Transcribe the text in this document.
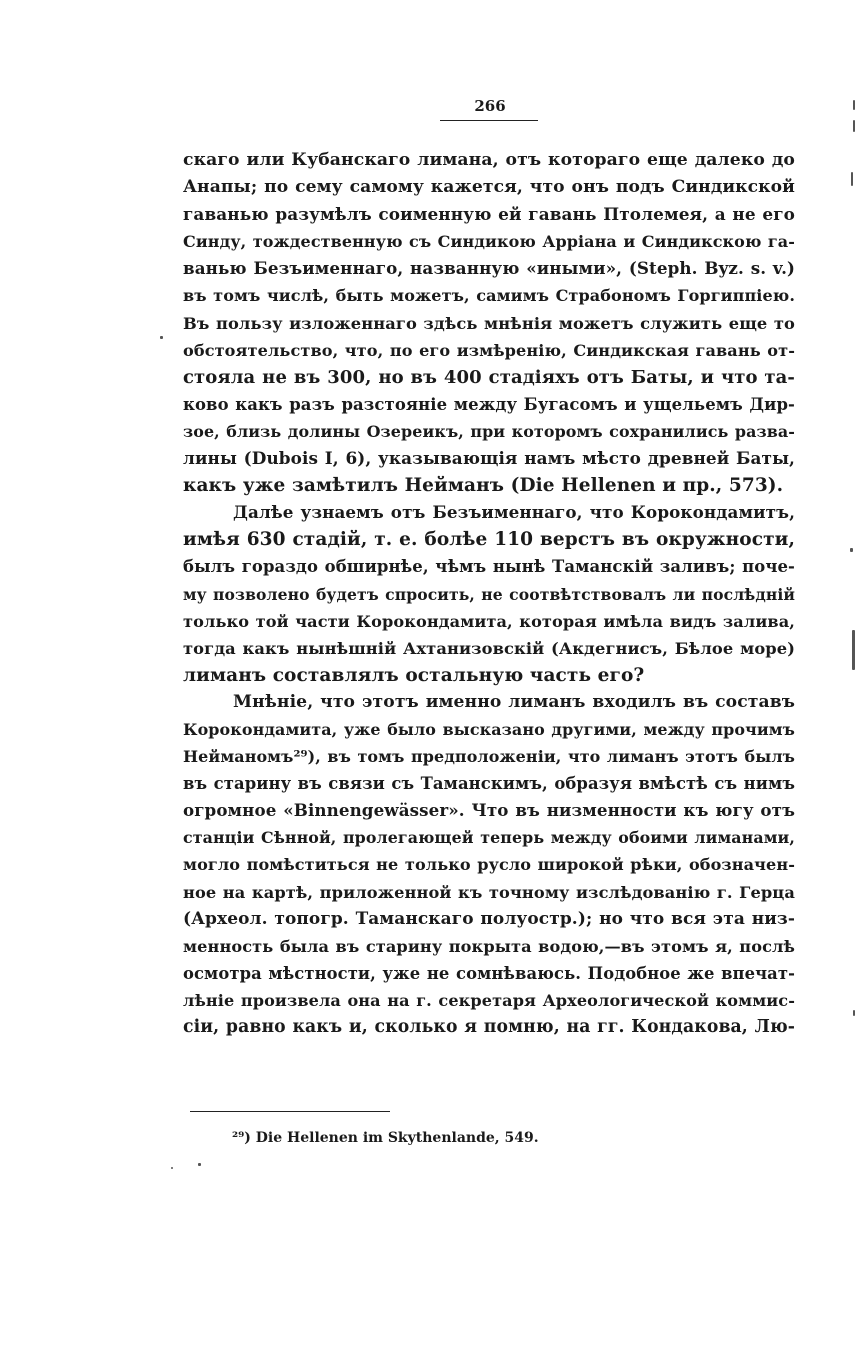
266
скаго или Кубанскаго лимана, отъ котораго еще далеко до
Анапы; по сему самому кажется, что онъ подъ Синдикской
гаванью разумѣлъ соименную ей гавань Птолемея, а не его
Синду, тождественную съ Синдикою Арріана и Синдикскою га-
ванью Безъименнаго, названную «иными», (Steph. Byz. s. v.)
въ томъ числѣ, быть можетъ, самимъ Страбономъ Горгиппіею.
Въ пользу изложеннаго здѣсь мнѣнія можетъ служить еще то
обстоятельство, что, по его измѣренію, Синдикская гавань от-
стояла не въ 300, но въ 400 стадіяхъ отъ Баты, и что та-
ково какъ разъ разстояніе между Бугасомъ и ущельемъ Дир-
зое, близь долины Озереикъ, при которомъ сохранились разва-
лины (Dubois I, 6), указывающія намъ мѣсто древней Баты,
какъ уже замѣтилъ Нейманъ (Die Hellenen и пр., 573).
Далѣе узнаемъ отъ Безъименнаго, что Корокондамитъ,
имѣя 630 стадій, т. е. болѣе 110 верстъ въ окружности,
былъ гораздо обширнѣе, чѣмъ нынѣ Таманскій заливъ; поче-
му позволено будетъ спросить, не соотвѣтствовалъ ли послѣдній
только той части Корокондамита, которая имѣла видъ залива,
тогда какъ нынѣшній Ахтанизовскій (Акдегнисъ, Бѣлое море)
лиманъ составлялъ остальную часть его?
Мнѣніе, что этотъ именно лиманъ входилъ въ составъ
Корокондамита, уже было высказано другими, между прочимъ
Нейманомъ²⁹), въ томъ предположеніи, что лиманъ этотъ былъ
въ старину въ связи съ Таманскимъ, образуя вмѣстѣ съ нимъ
огромное «Binnengewässer». Что въ низменности къ югу отъ
станціи Сѣнной, пролегающей теперь между обоими лиманами,
могло помѣститься не только русло широкой рѣки, обозначен-
ное на картѣ, приложенной къ точному изслѣдованію г. Герца
(Археол. топогр. Таманскаго полуостр.); но что вся эта низ-
менность была въ старину покрыта водою,—въ этомъ я, послѣ
осмотра мѣстности, уже не сомнѣваюсь. Подобное же впечат-
лѣніе произвела она на г. секретаря Археологической коммис-
сіи, равно какъ и, сколько я помню, на гг. Кондакова, Лю-
²⁹) Die Hellenen im Skythenlande, 549.
